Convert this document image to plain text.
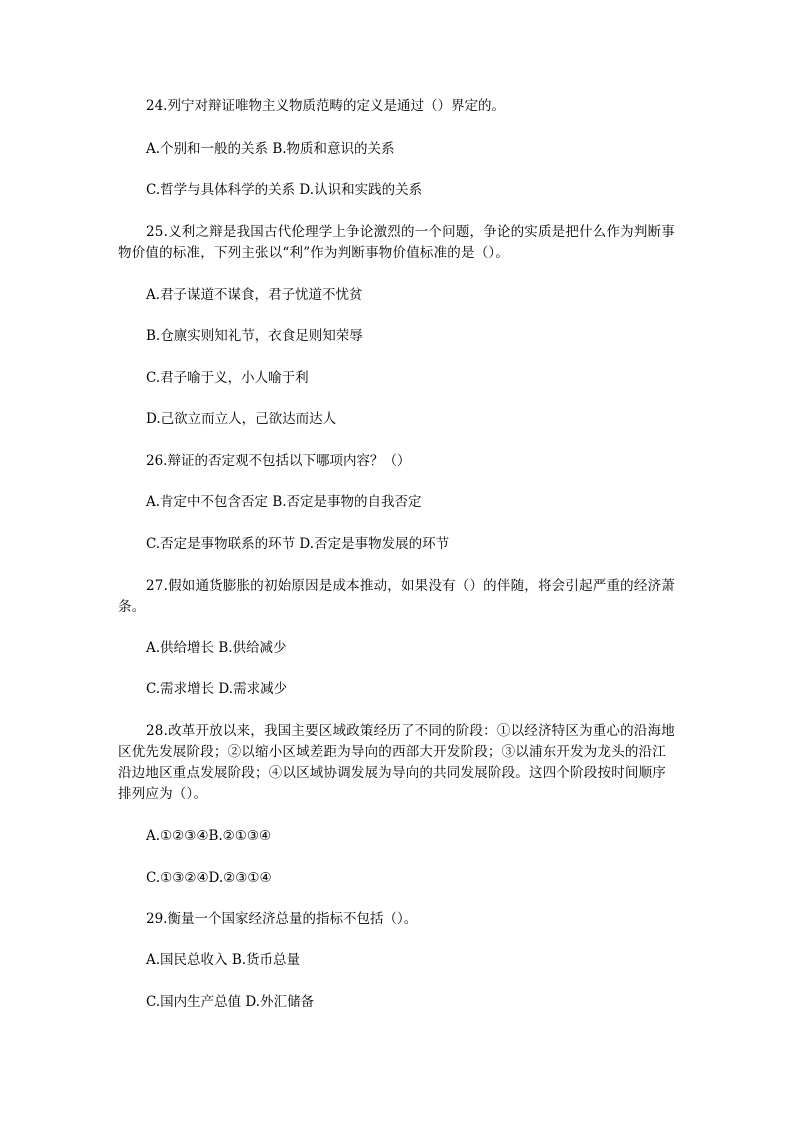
24.列宁对辩证唯物主义物质范畴的定义是通过（）界定的。
A.个别和一般的关系 B.物质和意识的关系
C.哲学与具体科学的关系 D.认识和实践的关系
25.义利之辩是我国古代伦理学上争论激烈的一个问题，争论的实质是把什么作为判断事物价值的标准，下列主张以“利”作为判断事物价值标准的是（）。
A.君子谋道不谋食，君子忧道不忧贫
B.仓廪实则知礼节，衣食足则知荣辱
C.君子喻于义，小人喻于利
D.己欲立而立人，己欲达而达人
26.辩证的否定观不包括以下哪项内容？（）
A.肯定中不包含否定 B.否定是事物的自我否定
C.否定是事物联系的环节 D.否定是事物发展的环节
27.假如通货膨胀的初始原因是成本推动，如果没有（）的伴随，将会引起严重的经济萧条。
A.供给增长 B.供给减少
C.需求增长 D.需求减少
28.改革开放以来，我国主要区域政策经历了不同的阶段：①以经济特区为重心的沿海地区优先发展阶段；②以缩小区域差距为导向的西部大开发阶段；③以浦东开发为龙头的沿江沿边地区重点发展阶段；④以区域协调发展为导向的共同发展阶段。这四个阶段按时间顺序排列应为（）。
A.①②③④B.②①③④
C.①③②④D.②③①④
29.衡量一个国家经济总量的指标不包括（）。
A.国民总收入 B.货币总量
C.国内生产总值 D.外汇储备
